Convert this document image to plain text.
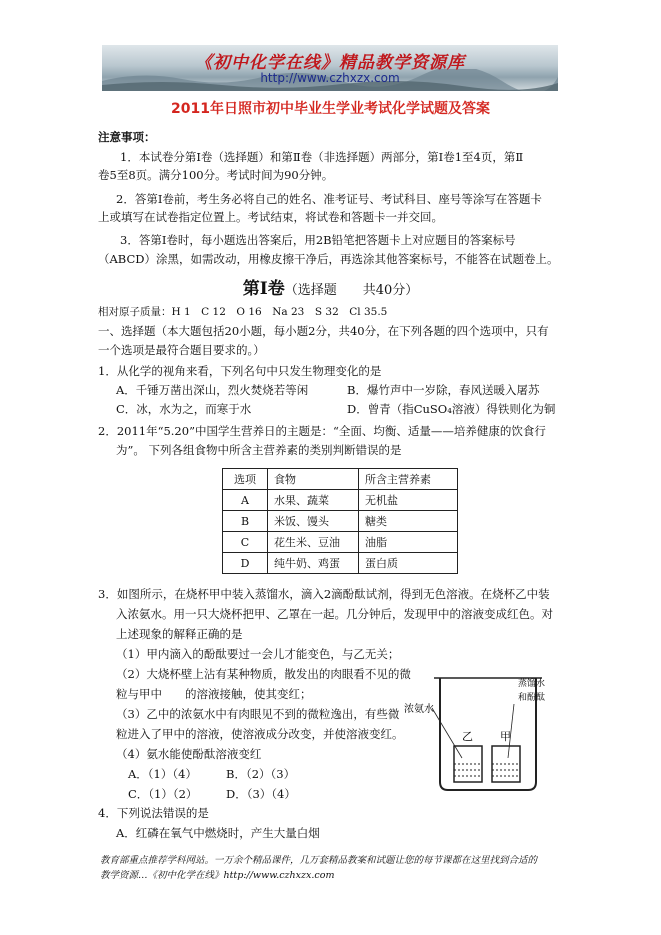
《初中化学在线》精品教学资源库
http://www.czhxzx.com
2011年日照市初中毕业生学业考试化学试题及答案
注意事项：
1．本试卷分第Ⅰ卷（选择题）和第Ⅱ卷（非选择题）两部分，第Ⅰ卷1至4页，第Ⅱ
卷5至8页。满分100分。考试时间为90分钟。
2．答第Ⅰ卷前，考生务必将自己的姓名、准考证号、考试科目、座号等涂写在答题卡
上或填写在试卷指定位置上。考试结束，将试卷和答题卡一并交回。
3．答第Ⅰ卷时，每小题选出答案后，用2B铅笔把答题卡上对应题目的答案标号
（ABCD）涂黑，如需改动，用橡皮擦干净后，再选涂其他答案标号，不能答在试题卷上。
第Ⅰ卷（选择题　　共40分）
相对原子质量：H 1　C 12　O 16　Na 23　S 32　Cl 35.5
一、选择题（本大题包括20小题，每小题2分，共40分，在下列各题的四个选项中，只有
一个选项是最符合题目要求的。）
1．从化学的视角来看，下列名句中只发生物理变化的是
A．千锤万凿出深山，烈火焚烧若等闲	B．爆竹声中一岁除，春风送暖入屠苏
C．冰，水为之，而寒于水	D．曾青（指CuSO₄溶液）得铁则化为铜
2．2011年“5.20”中国学生营养日的主题是：“全面、均衡、适量——培养健康的饮食行
为”。 下列各组食物中所含主营养素的类别判断错误的是
选项	食物	所含主营养素
A	水果、蔬菜	无机盐
B	米饭、馒头	糖类
C	花生米、豆油	油脂
D	纯牛奶、鸡蛋	蛋白质
3．如图所示，在烧杯甲中装入蒸馏水，滴入2滴酚酞试剂，得到无色溶液。在烧杯乙中装
入浓氨水。用一只大烧杯把甲、乙罩在一起。几分钟后，发现甲中的溶液变成红色。对
上述现象的解释正确的是
（1）甲内滴入的酚酞要过一会儿才能变色，与乙无关；
（2）大烧杯壁上沾有某种物质，散发出的肉眼看不见的微
粒与甲中　　的溶液接触，使其变红；
（3）乙中的浓氨水中有肉眼见不到的微粒逸出，有些微
粒进入了甲中的溶液，使溶液成分改变，并使溶液变红。
（4）氨水能使酚酞溶液变红
A．（1）（4）	B．（2）（3）
C．（1）（2） D．（3）（4）
浓氨水
蒸馏水
和酚酞
乙 甲
4．下列说法错误的是
A．红磷在氧气中燃烧时，产生大量白烟
教育部重点推荐学科网站。一万余个精品课件，几万套精品教案和试题让您的每节课都在这里找到合适的
教学资源…《初中化学在线》http://www.czhxzx.com
